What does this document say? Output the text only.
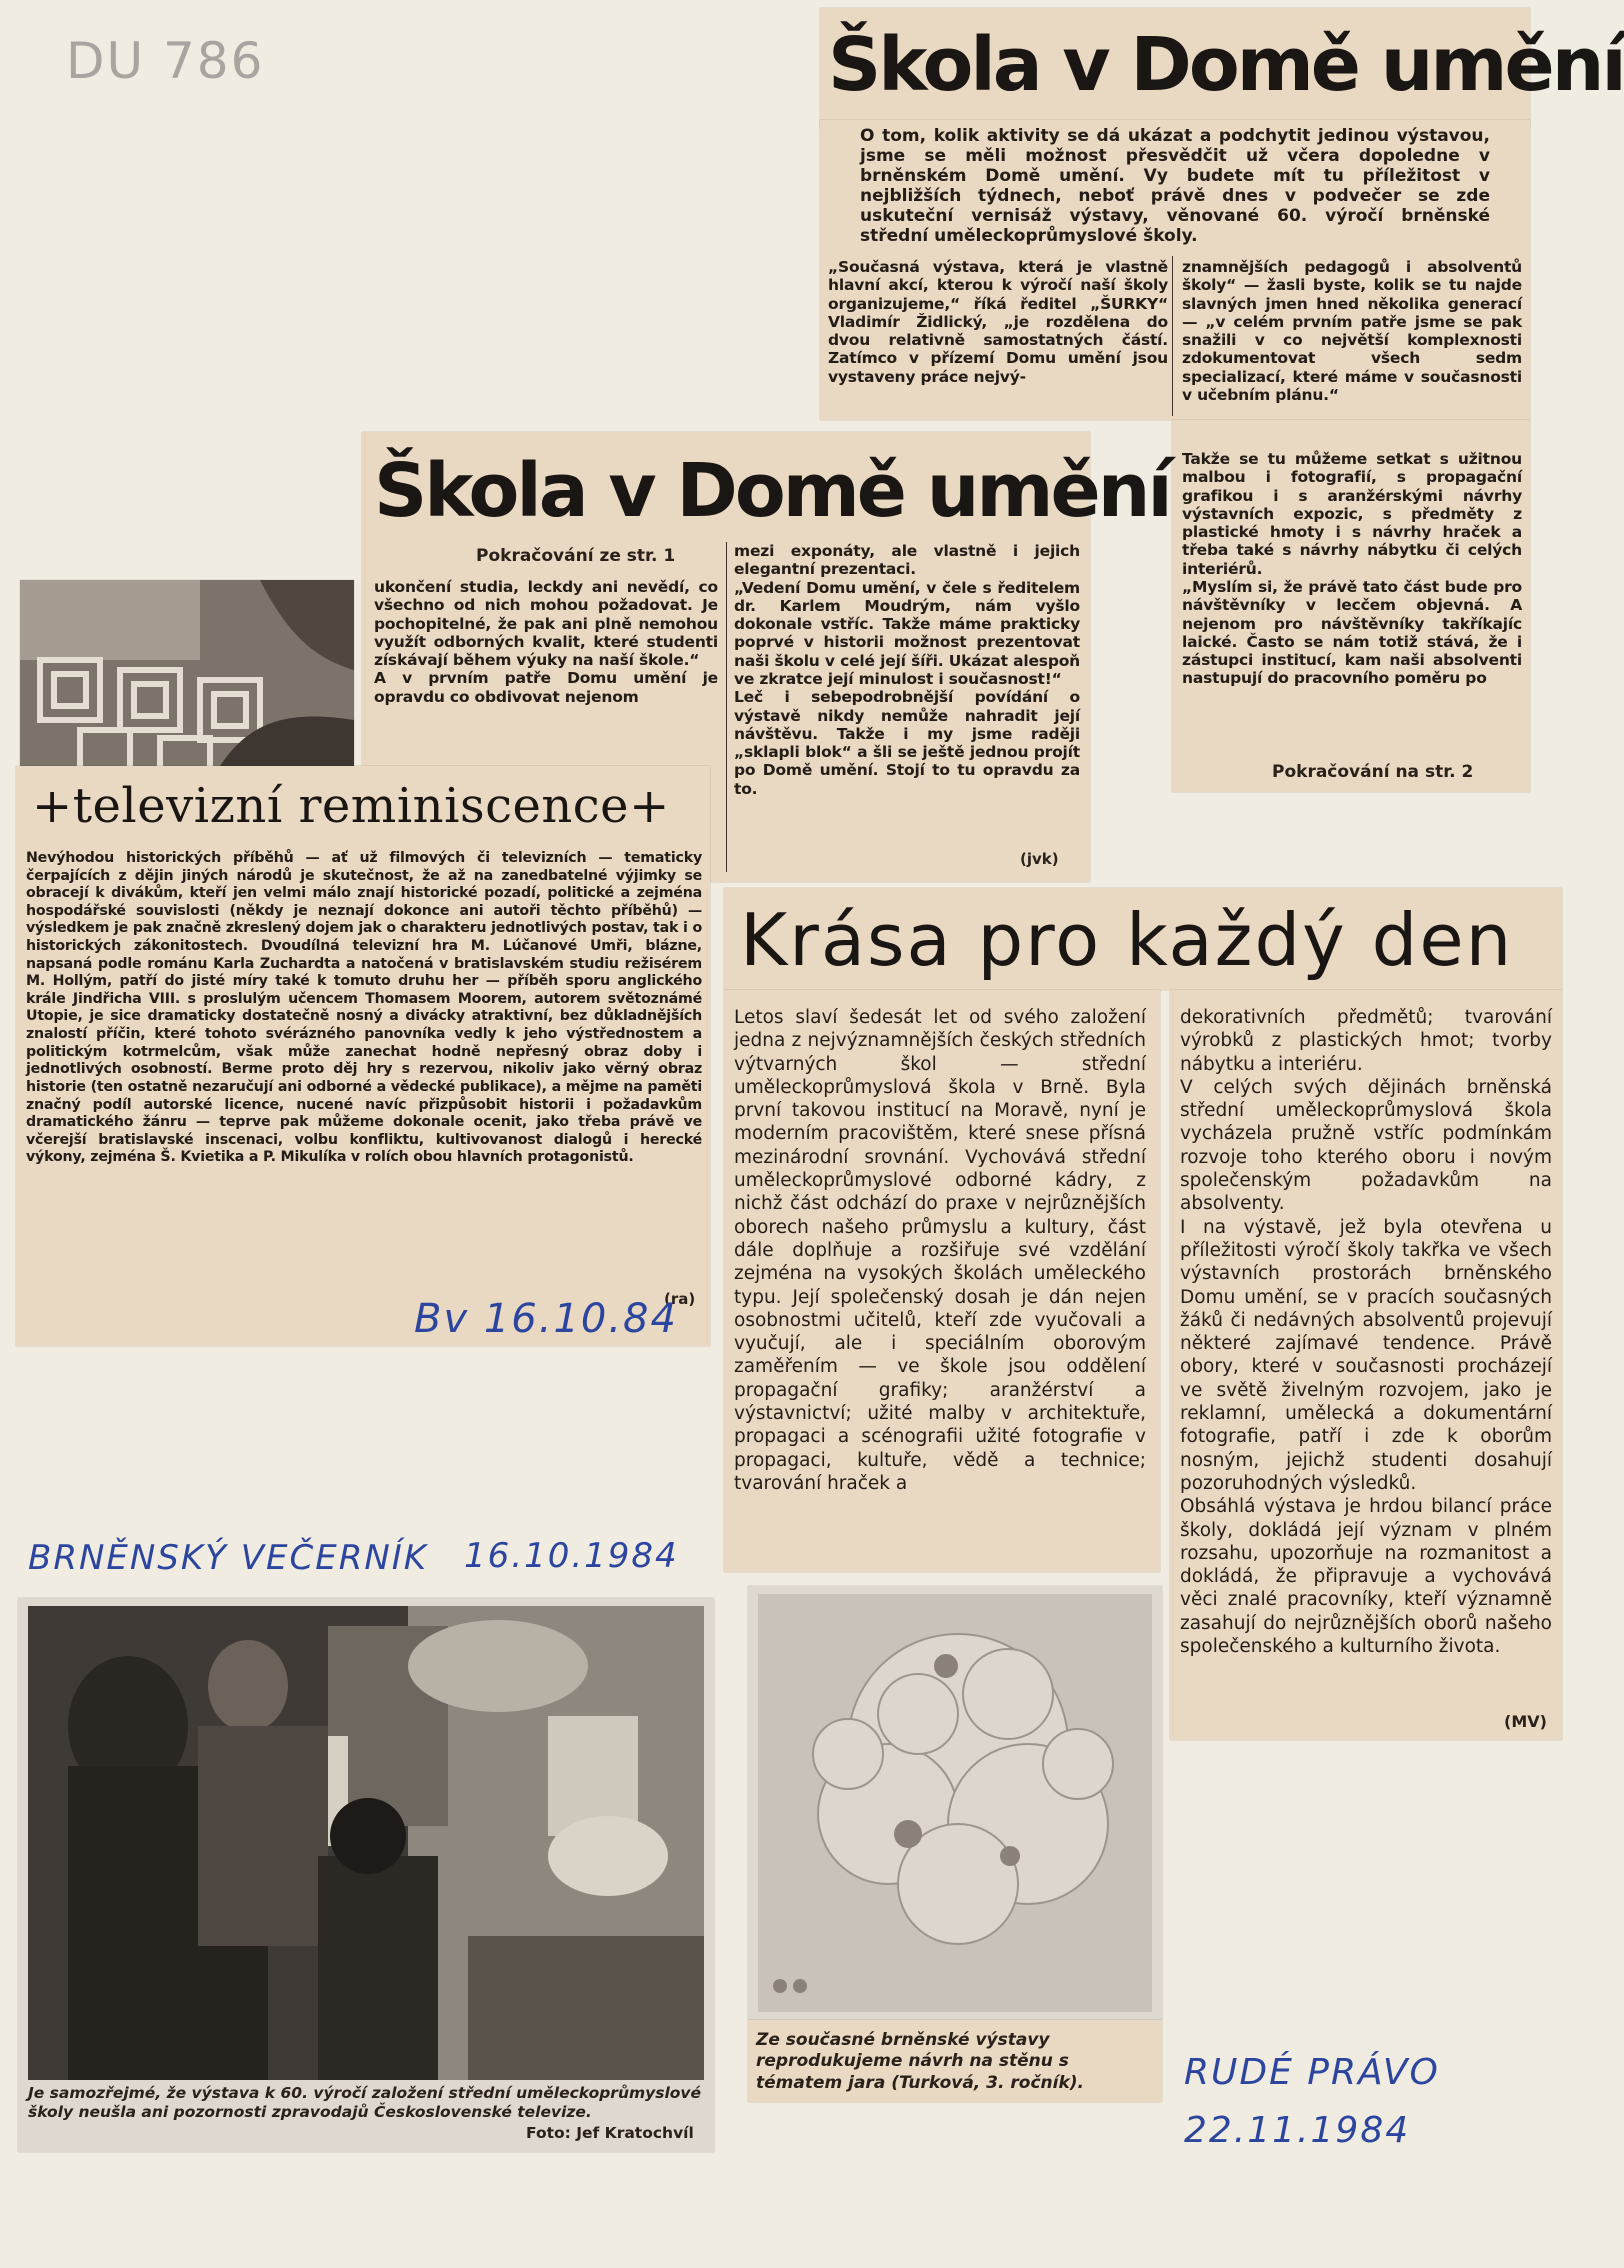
DU 786	Škola v Domě umění
O tom, kolik aktivity se dá ukázat a podchytit jedinou výstavou, jsme se měli možnost přesvědčit už včera dopoledne v brněnském Domě umění. Vy budete mít tu příležitost v nejbližších týdnech, neboť právě dnes v podvečer se zde uskuteční vernisáž výstavy, věnované 60. výročí brněnské střední uměleckoprůmyslové školy.
„Současná výstava, která je vlastně hlavní akcí, kterou k výročí naší školy organizujeme,“ říká ředitel „ŠURKY“ Vladimír Židlický, „je rozdělena do dvou relativně samostatných částí. Zatímco v přízemí Domu umění jsou vystaveny práce nejvý-
znamnějších pedagogů i absolventů školy“ — žasli byste, kolik se tu najde slavných jmen hned několika generací — „v celém prvním patře jsme se pak snažili v co největší komplexnosti zdokumentovat všech sedm specializací, které máme v současnosti v učebním plánu.“
Takže se tu můžeme setkat s užitnou malbou i fotografií, s propagační grafikou i s aranžérskými návrhy výstavních expozic, s předměty z plastické hmoty i s návrhy hraček a třeba také s návrhy nábytku či celých interiérů.
„Myslím si, že právě tato část bude pro návštěvníky v lecčem objevná. A nejenom pro návštěvníky takříkajíc laické. Často se nám totiž stává, že i zástupci institucí, kam naši absolventi nastupují do pracovního poměru po
Pokračování na str. 2
Škola v Domě umění
Pokračování ze str. 1
ukončení studia, leckdy ani nevědí, co všechno od nich mohou požadovat. Je pochopitelné, že pak ani plně nemohou využít odborných kvalit, které studenti získávají během výuky na naší škole.“
A v prvním patře Domu umění je opravdu co obdivovat nejenom
mezi exponáty, ale vlastně i jejich elegantní prezentaci.
„Vedení Domu umění, v čele s ředitelem dr. Karlem Moudrým, nám vyšlo dokonale vstříc. Takže máme prakticky poprvé v historii možnost prezentovat naši školu v celé její šíři. Ukázat alespoň ve zkratce její minulost i současnost!“
Leč i sebepodrobnější povídání o výstavě nikdy nemůže nahradit její návštěvu. Takže i my jsme raději „sklapli blok“ a šli se ještě jednou projít po Domě umění. Stojí to tu opravdu za to.
(jvk)
+televizní reminiscence+
Nevýhodou historických příběhů — ať už filmových či televizních — tematicky čerpajících z dějin jiných národů je skutečnost, že až na zanedbatelné výjimky se obracejí k divákům, kteří jen velmi málo znají historické pozadí, politické a zejména hospodářské souvislosti (někdy je neznají dokonce ani autoři těchto příběhů) — výsledkem je pak značně zkreslený dojem jak o charakteru jednotlivých postav, tak i o historických zákonitostech. Dvoudílná televizní hra M. Lúčanové Umři, blázne, napsaná podle románu Karla Zuchardta a natočená v bratislavském studiu režisérem M. Hollým, patří do jisté míry také k tomuto druhu her — příběh sporu anglického krále Jindřicha VIII. s proslulým učencem Thomasem Moorem, autorem světoznámé Utopie, je sice dramaticky dostatečně nosný a divácky atraktivní, bez důkladnějších znalostí příčin, které tohoto svérázného panovníka vedly k jeho výstřednostem a politickým kotrmelcům, však může zanechat hodně nepřesný obraz doby i jednotlivých osobností. Berme proto děj hry s rezervou, nikoliv jako věrný obraz historie (ten ostatně nezaručují ani odborné a vědecké publikace), a mějme na paměti značný podíl autorské licence, nucené navíc přizpůsobit historii i požadavkům dramatického žánru — teprve pak můžeme dokonale ocenit, jako třeba právě ve včerejší bratislavské inscenaci, volbu konfliktu, kultivovanost dialogů i herecké výkony, zejména Š. Kvietika a P. Mikulíka v rolích obou hlavních protagonistů.
(ra)
Bv 16.10.84
Krása pro každý den
Letos slaví šedesát let od svého založení jedna z nejvýznamnějších českých středních výtvarných škol — střední uměleckoprůmyslová škola v Brně. Byla první takovou institucí na Moravě, nyní je moderním pracovištěm, které snese přísná mezinárodní srovnání. Vychovává střední uměleckoprůmyslové odborné kádry, z nichž část odchází do praxe v nejrůznějších oborech našeho průmyslu a kultury, část dále doplňuje a rozšiřuje své vzdělání zejména na vysokých školách uměleckého typu. Její společenský dosah je dán nejen osobnostmi učitelů, kteří zde vyučovali a vyučují, ale i speciálním oborovým zaměřením — ve škole jsou oddělení propagační grafiky; aranžérství a výstavnictví; užité malby v architektuře, propagaci a scénografii užité fotografie v propagaci, kultuře, vědě a technice; tvarování hraček a
dekorativních předmětů; tvarování výrobků z plastických hmot; tvorby nábytku a interiéru.
V celých svých dějinách brněnská střední uměleckoprůmyslová škola vycházela pružně vstříc podmínkám rozvoje toho kterého oboru i novým společenským požadavkům na absolventy.
I na výstavě, jež byla otevřena u příležitosti výročí školy takřka ve všech výstavních prostorách brněnského Domu umění, se v pracích současných žáků či nedávných absolventů projevují některé zajímavé tendence. Právě obory, které v současnosti procházejí ve světě živelným rozvojem, jako je reklamní, umělecká a dokumentární fotografie, patří i zde k oborům nosným, jejichž studenti dosahují pozoruhodných výsledků.
Obsáhlá výstava je hrdou bilancí práce školy, dokládá její význam v plném rozsahu, upozorňuje na rozmanitost a dokládá, že připravuje a vychovává věci znalé pracovníky, kteří významně zasahují do nejrůznějších oborů našeho společenského a kulturního života.
(MV)
Ze současné brněnské výstavy reprodukujeme návrh na stěnu s tématem jara (Turková, 3. ročník).
BRNĚNSKÝ VEČERNÍK 16.10.1984
RUDÉ PRÁVO
22.11.1984
Je samozřejmé, že výstava k 60. výročí založení střední uměleckoprůmyslové školy neušla ani pozornosti zpravodajů Československé televize.
Foto: Jef Kratochvíl
